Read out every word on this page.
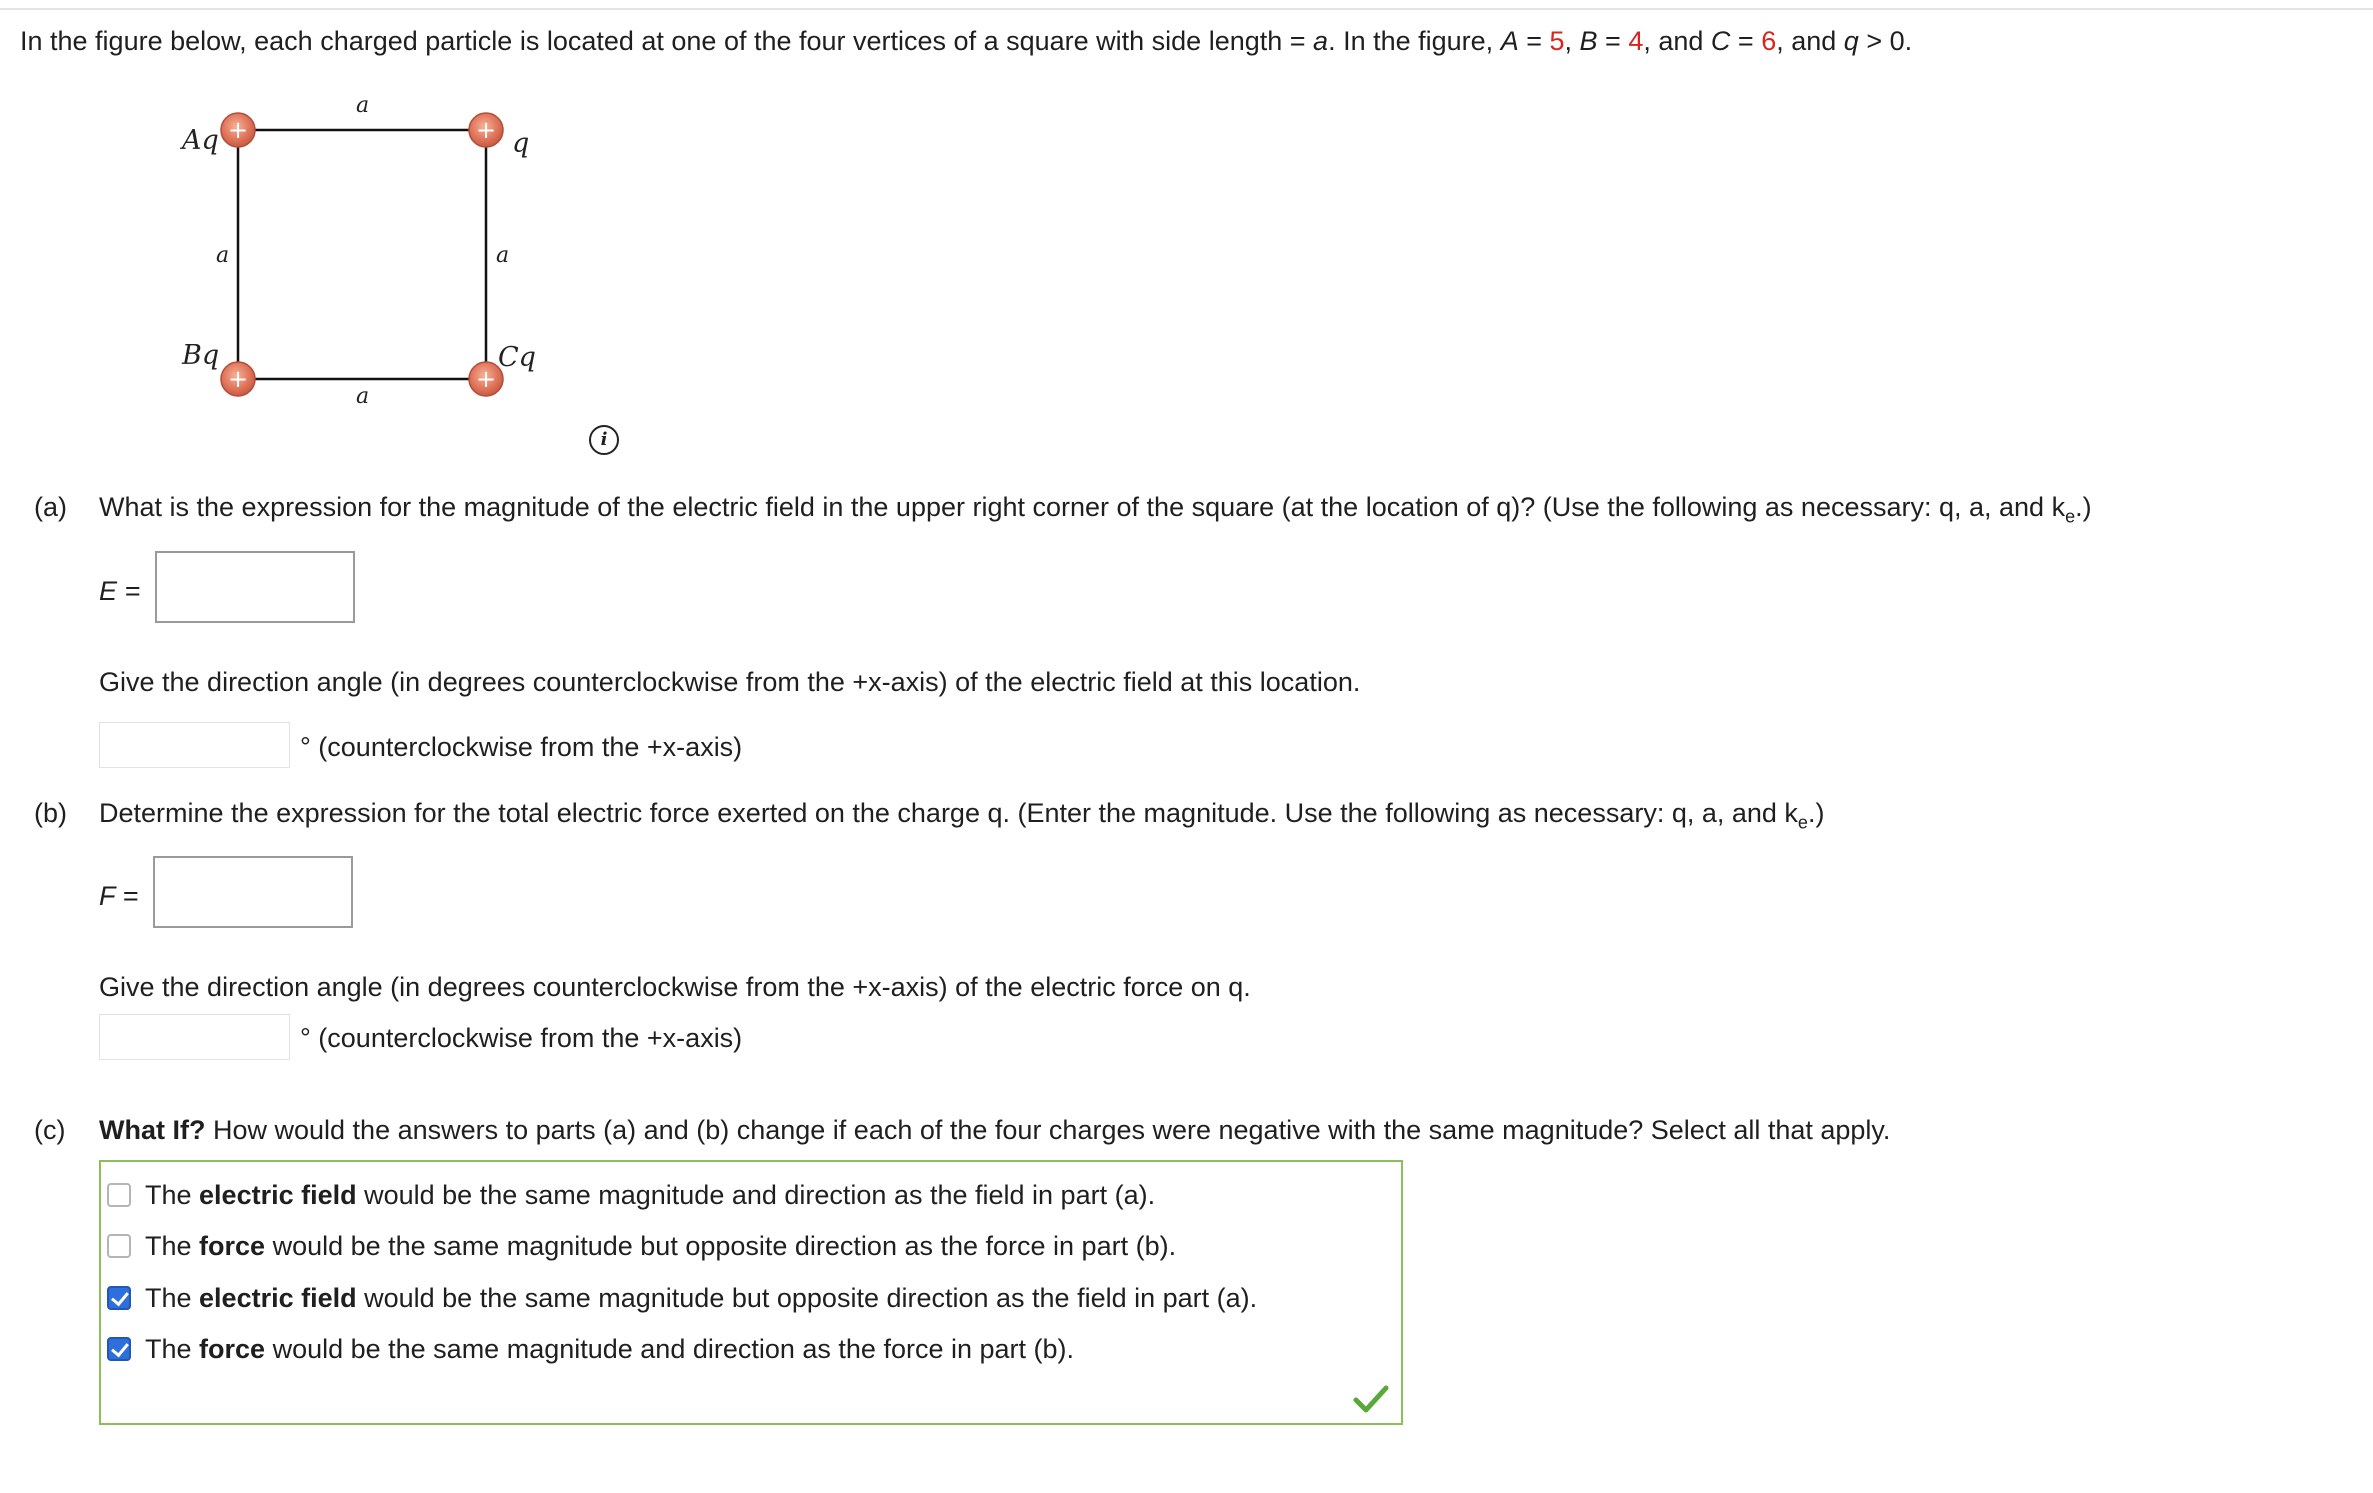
In the figure below, each charged particle is located at one of the four vertices of a square with side length = a. In the figure, A = 5, B = 4, and C = 6, and q > 0.
+	+
+	+
Aq	q
Bq	Cq
a
a	a
a
i
(a) What is the expression for the magnitude of the electric field in the upper right corner of the square (at the location of q)? (Use the following as necessary: q, a, and $k_e$.)
E =
Give the direction angle (in degrees counterclockwise from the +x-axis) of the electric field at this location.
° (counterclockwise from the +x-axis)
(b) Determine the expression for the total electric force exerted on the charge q. (Enter the magnitude. Use the following as necessary: q, a, and $k_e$.)
F =
Give the direction angle (in degrees counterclockwise from the +x-axis) of the electric force on q.
° (counterclockwise from the +x-axis)
(c) What If? How would the answers to parts (a) and (b) change if each of the four charges were negative with the same magnitude? Select all that apply.
The electric field would be the same magnitude and direction as the field in part (a).
The force would be the same magnitude but opposite direction as the force in part (b).
The electric field would be the same magnitude but opposite direction as the field in part (a).
The force would be the same magnitude and direction as the force in part (b).
